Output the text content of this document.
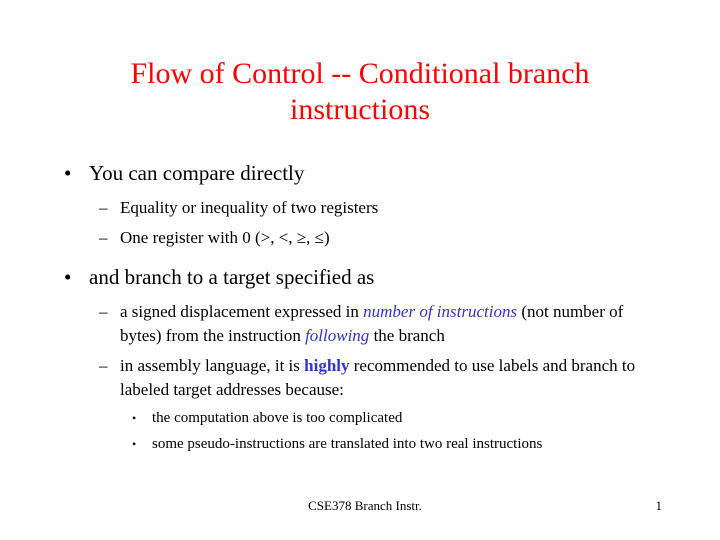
Flow of Control -- Conditional branch
instructions
• You can compare directly
– Equality or inequality of two registers
– One register with 0 (>, <, ≥, ≤)
• and branch to a target specified as
– a signed displacement expressed in number of instructions (not number of bytes) from the instruction following the branch
– in assembly language, it is highly recommended to use labels and branch to labeled target addresses because:
• the computation above is too complicated
• some pseudo-instructions are translated into two real instructions
CSE378 Branch Instr.	1
